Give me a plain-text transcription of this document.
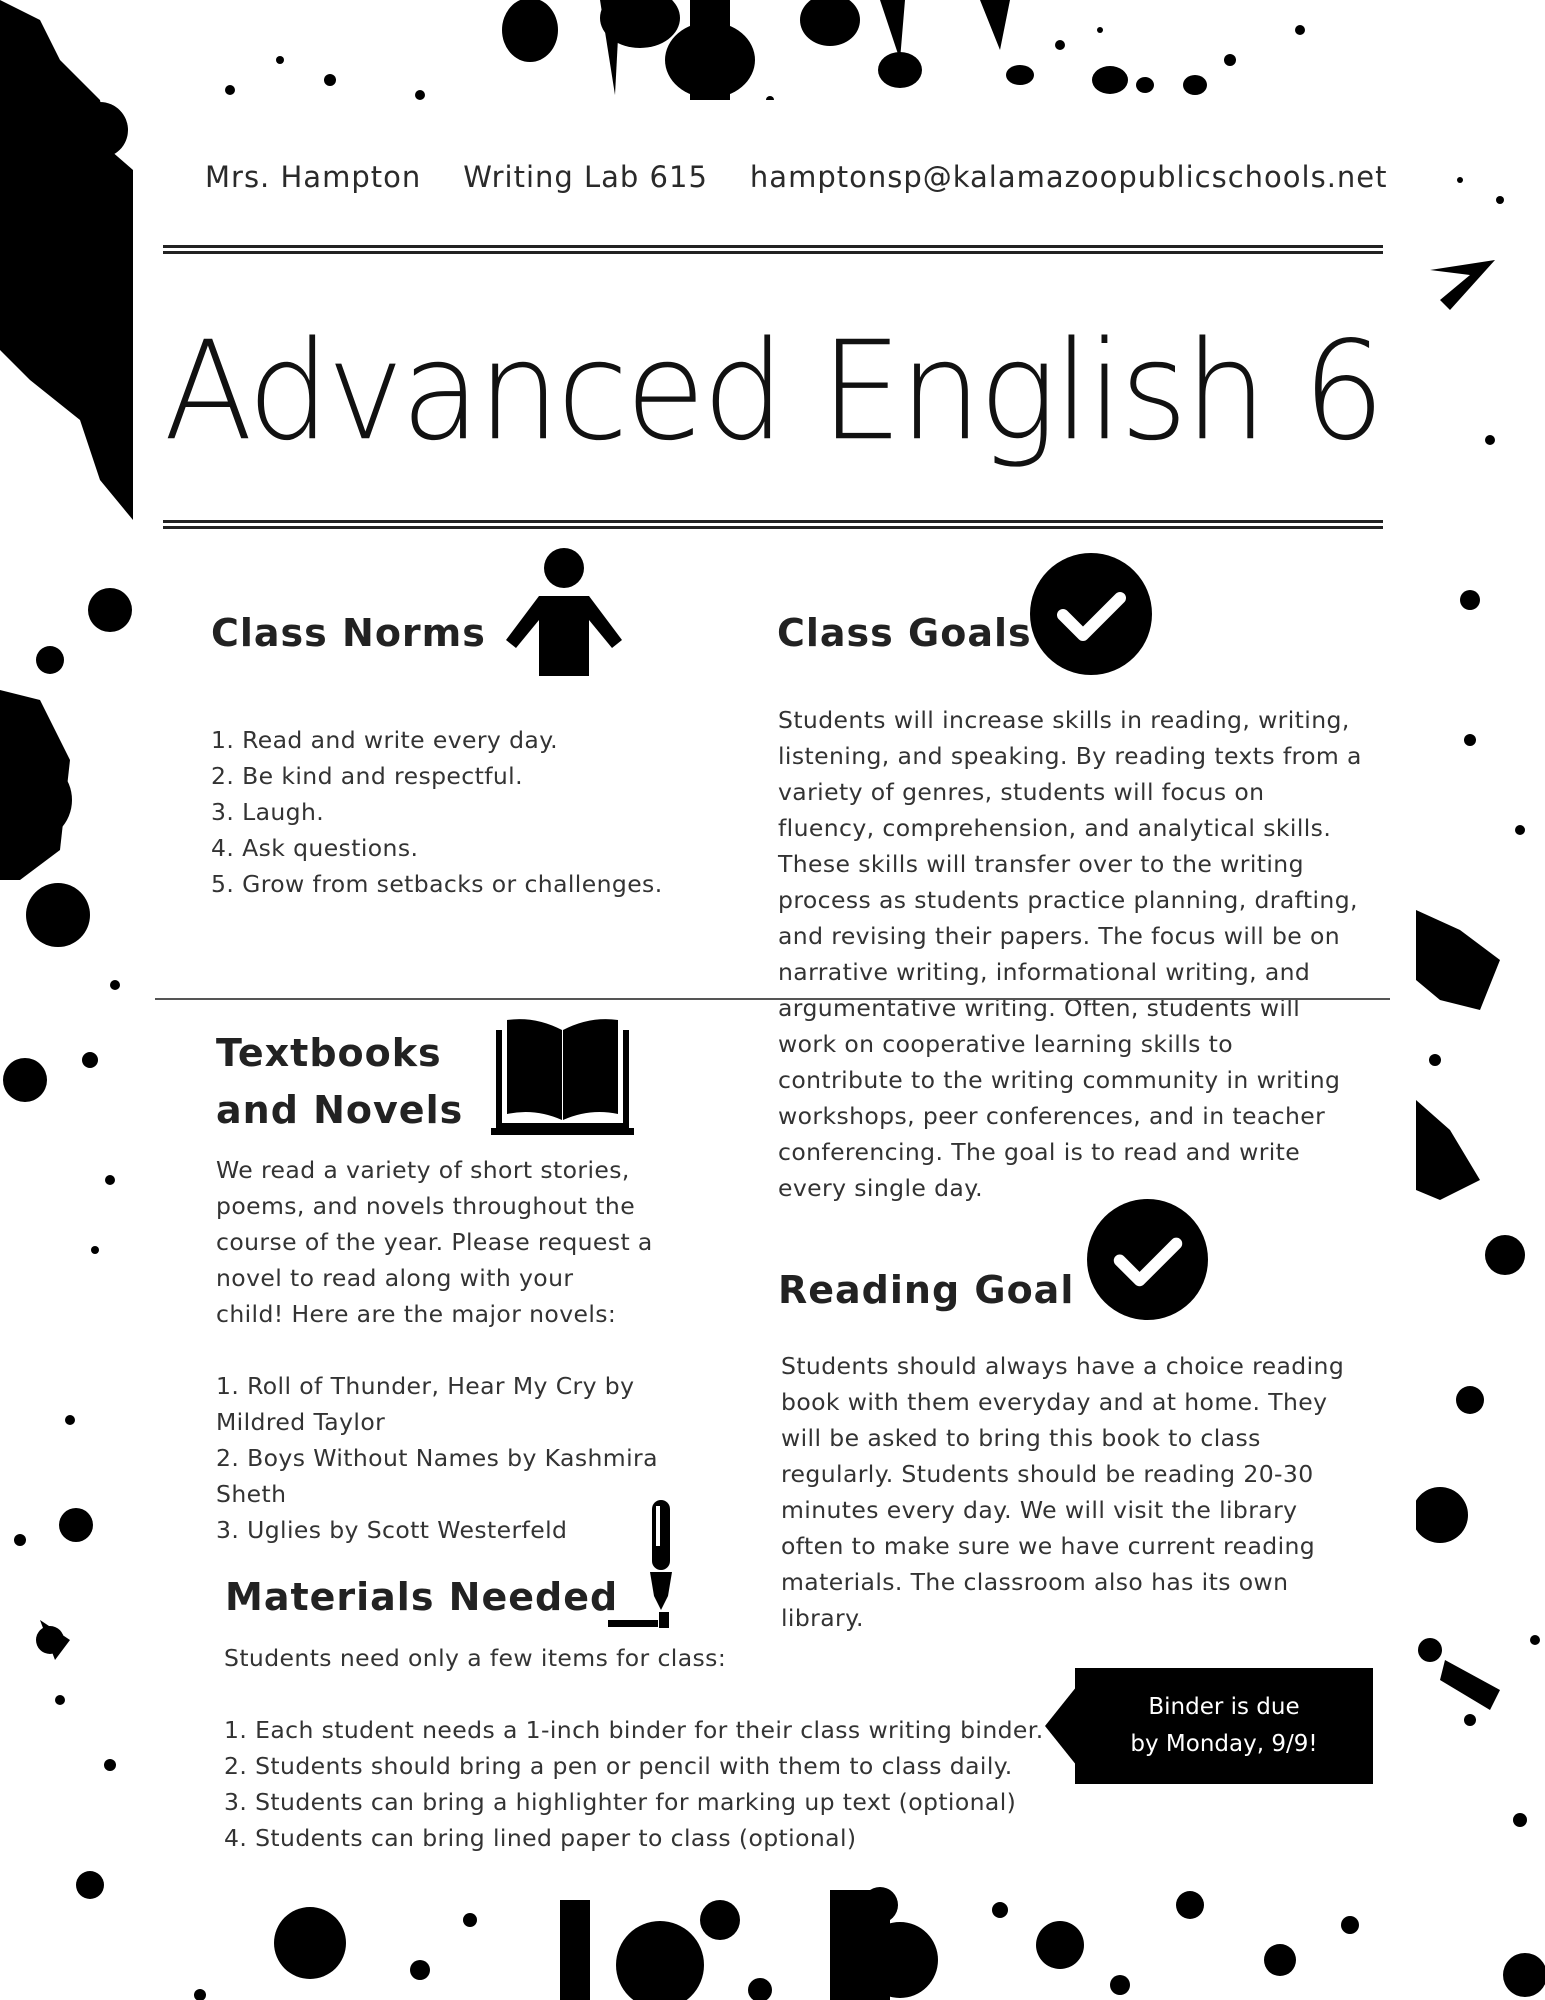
Mrs. Hampton Writing Lab 615 hamptonsp@kalamazoopublicschools.net
Advanced English 6
Class Norms
1. Read and write every day.
2. Be kind and respectful.
3. Laugh.
4. Ask questions.
5. Grow from setbacks or challenges.
Class Goals
Students will increase skills in reading, writing,
listening, and speaking. By reading texts from a
variety of genres, students will focus on
fluency, comprehension, and analytical skills.
These skills will transfer over to the writing
process as students practice planning, drafting,
and revising their papers. The focus will be on
narrative writing, informational writing, and
argumentative writing. Often, students will
work on cooperative learning skills to
contribute to the writing community in writing
workshops, peer conferences, and in teacher
conferencing. The goal is to read and write
every single day.
Textbooks
and Novels
We read a variety of short stories,
poems, and novels throughout the
course of the year. Please request a
novel to read along with your
child! Here are the major novels:
1. Roll of Thunder, Hear My Cry by
Mildred Taylor
2. Boys Without Names by Kashmira
Sheth
3. Uglies by Scott Westerfeld
Reading Goal
Students should always have a choice reading
book with them everyday and at home. They
will be asked to bring this book to class
regularly. Students should be reading 20-30
minutes every day. We will visit the library
often to make sure we have current reading
materials. The classroom also has its own
library.
Materials Needed
Students need only a few items for class:
1. Each student needs a 1-inch binder for their class writing binder.
2. Students should bring a pen or pencil with them to class daily.
3. Students can bring a highlighter for marking up text (optional)
4. Students can bring lined paper to class (optional)
Binder is due
by Monday, 9/9!
